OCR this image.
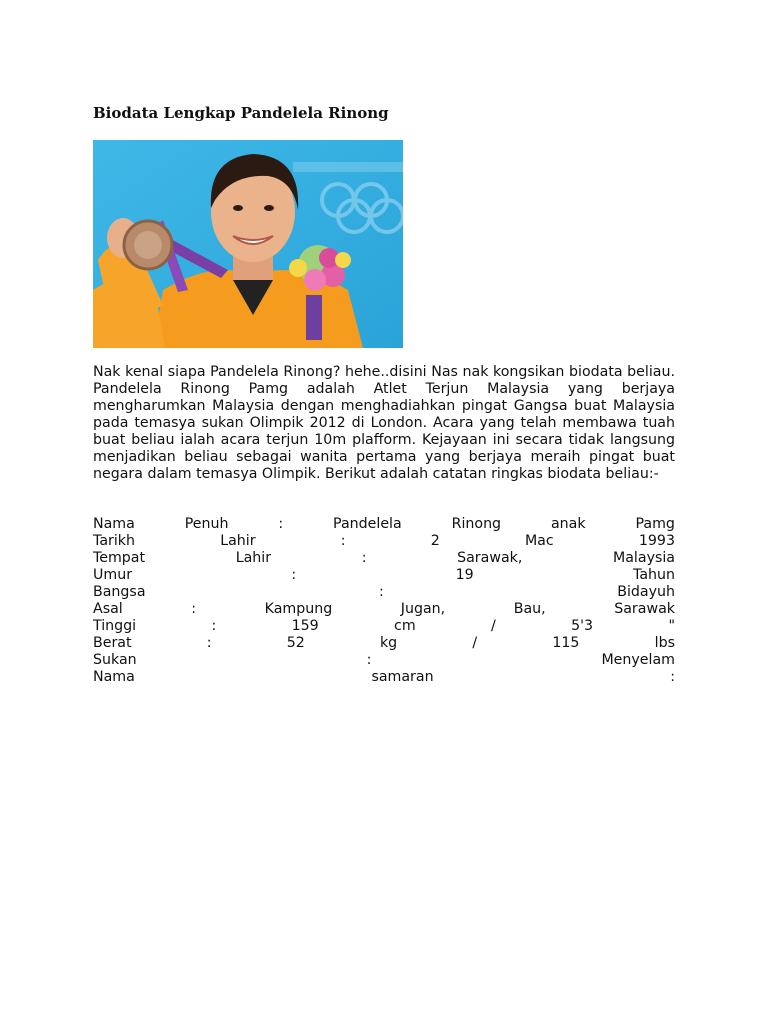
Biodata Lengkap Pandelela Rinong

Nak kenal siapa Pandelela Rinong? hehe..disini Nas nak kongsikan biodata beliau. Pandelela Rinong Pamg adalah Atlet Terjun Malaysia yang berjaya mengharumkan Malaysia dengan menghadiahkan pingat Gangsa buat Malaysia pada temasya sukan Olimpik 2012 di London. Acara yang telah membawa tuah buat beliau ialah acara terjun 10m plafform. Kejayaan ini secara tidak langsung menjadikan beliau sebagai wanita pertama yang berjaya meraih pingat buat negara dalam temasya Olimpik. Berikut adalah catatan ringkas biodata beliau:-

Nama	Penuh	:	Pandelela	Rinong	anak	Pamg
Tarikh	Lahir	:	2	Mac	1993
Tempat	Lahir	:	Sarawak,	Malaysia
Umur	:	19	Tahun
Bangsa	:	Bidayuh
Asal	:	Kampung	Jugan,	Bau,	Sarawak
Tinggi	:	159	cm	/	5'3	"
Berat	:	52	kg	/	115	lbs
Sukan	:	Menyelam
Nama	samaran	:
